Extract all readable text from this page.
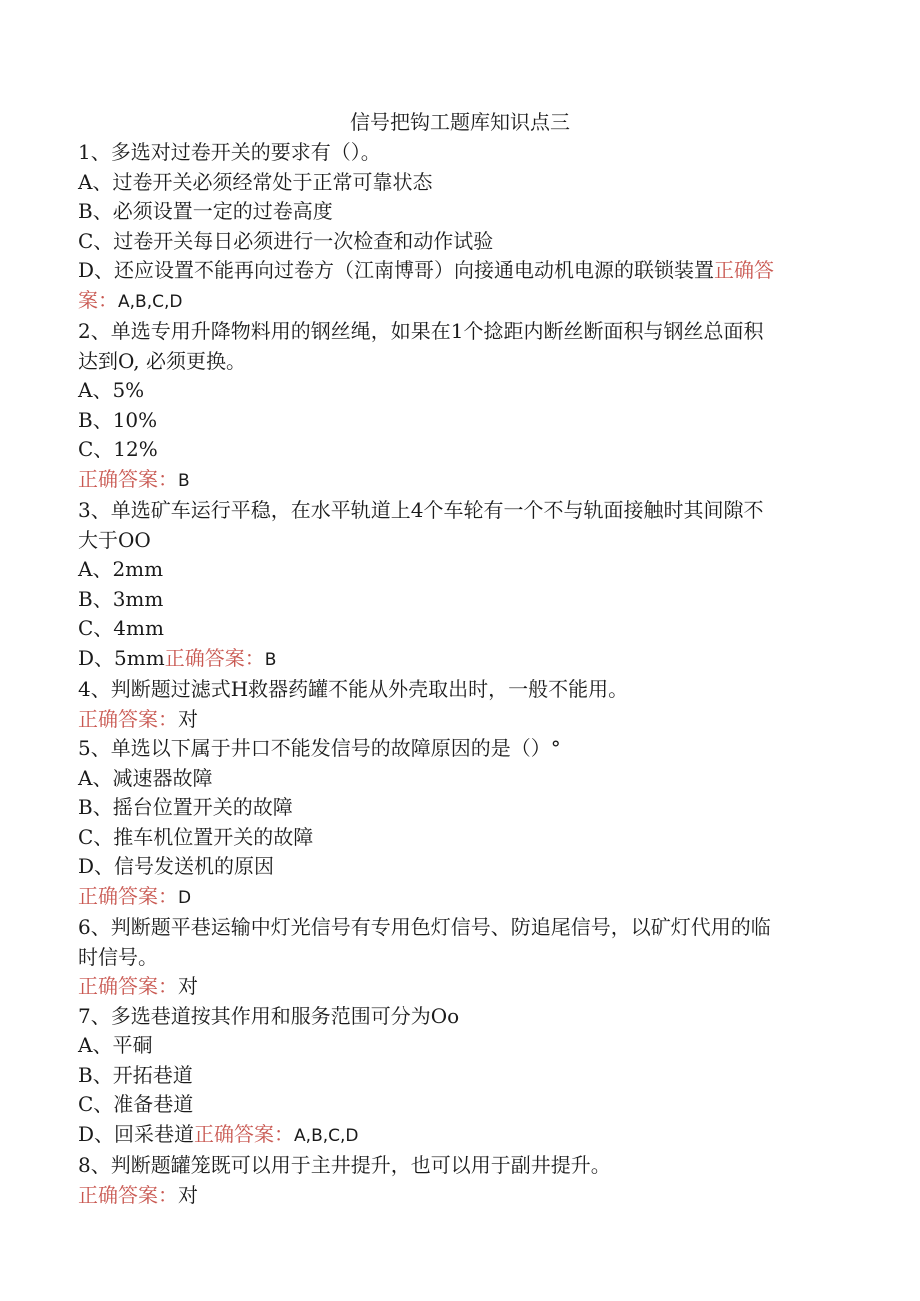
信号把钩工题库知识点三
1、多选对过卷开关的要求有（）。
A、过卷开关必须经常处于正常可靠状态
B、必须设置一定的过卷高度
C、过卷开关每日必须进行一次检查和动作试验
D、还应设置不能再向过卷方（江南博哥）向接通电动机电源的联锁装置正确答
案：A,B,C,D
2、单选专用升降物料用的钢丝绳，如果在1个捻距内断丝断面积与钢丝总面积
达到O, 必须更换。
A、5%
B、10%
C、12%
正确答案：B
3、单选矿车运行平稳，在水平轨道上4个车轮有一个不与轨面接触时其间隙不
大于OO
A、2mm
B、3mm
C、4mm
D、5mm正确答案：B
4、判断题过滤式H救器药罐不能从外壳取出时，一般不能用。
正确答案：对
5、单选以下属于井口不能发信号的故障原因的是（）°
A、减速器故障
B、摇台位置开关的故障
C、推车机位置开关的故障
D、信号发送机的原因
正确答案：D
6、判断题平巷运输中灯光信号有专用色灯信号、防追尾信号，以矿灯代用的临
时信号。
正确答案：对
7、多选巷道按其作用和服务范围可分为Oo
A、平硐
B、开拓巷道
C、准备巷道
D、回采巷道正确答案：A,B,C,D
8、判断题罐笼既可以用于主井提升，也可以用于副井提升。
正确答案：对
